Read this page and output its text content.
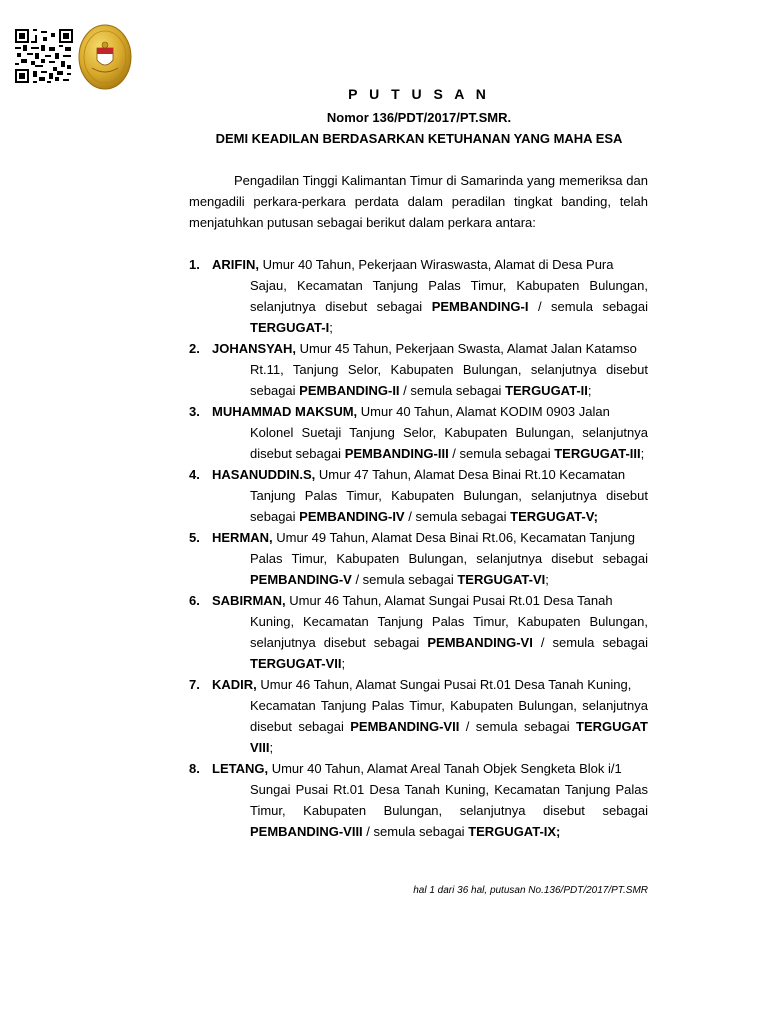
P U T U S A N
Nomor 136/PDT/2017/PT.SMR.
DEMI KEADILAN BERDASARKAN KETUHANAN YANG MAHA ESA

Pengadilan Tinggi Kalimantan Timur di Samarinda yang memeriksa dan mengadili perkara-perkara perdata dalam peradilan tingkat banding, telah menjatuhkan putusan sebagai berikut dalam perkara antara:

1. ARIFIN, Umur 40 Tahun, Pekerjaan Wiraswasta, Alamat di Desa Pura
Sajau, Kecamatan Tanjung Palas Timur, Kabupaten Bulungan, selanjutnya disebut sebagai PEMBANDING-I / semula sebagai TERGUGAT-I;
2. JOHANSYAH, Umur 45 Tahun, Pekerjaan Swasta, Alamat Jalan Katamso
Rt.11, Tanjung Selor, Kabupaten Bulungan, selanjutnya disebut sebagai PEMBANDING-II / semula sebagai TERGUGAT-II;
3. MUHAMMAD MAKSUM, Umur 40 Tahun, Alamat KODIM 0903 Jalan
Kolonel Suetaji Tanjung Selor, Kabupaten Bulungan, selanjutnya disebut sebagai PEMBANDING-III / semula sebagai TERGUGAT-III;
4. HASANUDDIN.S, Umur 47 Tahun, Alamat Desa Binai Rt.10 Kecamatan
Tanjung Palas Timur, Kabupaten Bulungan, selanjutnya disebut sebagai PEMBANDING-IV / semula sebagai TERGUGAT-V;
5. HERMAN, Umur 49 Tahun, Alamat Desa Binai Rt.06, Kecamatan Tanjung
Palas Timur, Kabupaten Bulungan, selanjutnya disebut sebagai PEMBANDING-V / semula sebagai TERGUGAT-VI;
6. SABIRMAN, Umur 46 Tahun, Alamat Sungai Pusai Rt.01 Desa Tanah
Kuning, Kecamatan Tanjung Palas Timur, Kabupaten Bulungan, selanjutnya disebut sebagai PEMBANDING-VI / semula sebagai TERGUGAT-VII;
7. KADIR, Umur 46 Tahun, Alamat Sungai Pusai Rt.01 Desa Tanah Kuning,
Kecamatan Tanjung Palas Timur, Kabupaten Bulungan, selanjutnya disebut sebagai PEMBANDING-VII / semula sebagai TERGUGAT VIII;
8. LETANG, Umur 40 Tahun, Alamat Areal Tanah Objek Sengketa Blok i/1
Sungai Pusai Rt.01 Desa Tanah Kuning, Kecamatan Tanjung Palas Timur, Kabupaten Bulungan, selanjutnya disebut sebagai PEMBANDING-VIII / semula sebagai TERGUGAT-IX;
hal 1 dari 36 hal, putusan No.136/PDT/2017/PT.SMR
